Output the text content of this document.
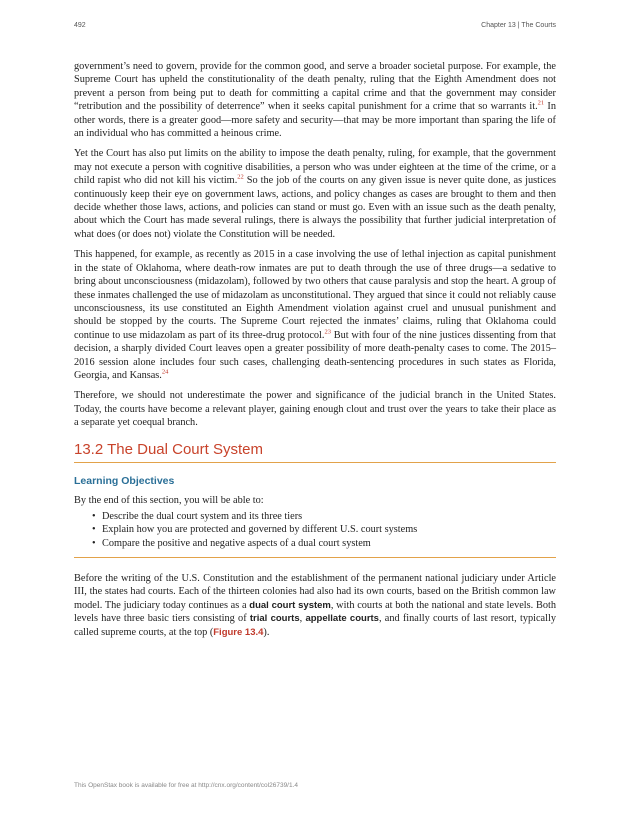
492	Chapter 13 | The Courts

government’s need to govern, provide for the common good, and serve a broader societal purpose. For example, the Supreme Court has upheld the constitutionality of the death penalty, ruling that the Eighth Amendment does not prevent a person from being put to death for committing a capital crime and that the government may consider “retribution and the possibility of deterrence” when it seeks capital punishment for a crime that so warrants it.$^{21}$ In other words, there is a greater good—more safety and security—that may be more important than sparing the life of an individual who has committed a heinous crime.

Yet the Court has also put limits on the ability to impose the death penalty, ruling, for example, that the government may not execute a person with cognitive disabilities, a person who was under eighteen at the time of the crime, or a child rapist who did not kill his victim.$^{22}$ So the job of the courts on any given issue is never quite done, as justices continuously keep their eye on government laws, actions, and policy changes as cases are brought to them and then decide whether those laws, actions, and policies can stand or must go. Even with an issue such as the death penalty, about which the Court has made several rulings, there is always the possibility that further judicial interpretation of what does (or does not) violate the Constitution will be needed.

This happened, for example, as recently as 2015 in a case involving the use of lethal injection as capital punishment in the state of Oklahoma, where death-row inmates are put to death through the use of three drugs—a sedative to bring about unconsciousness (midazolam), followed by two others that cause paralysis and stop the heart. A group of these inmates challenged the use of midazolam as unconstitutional. They argued that since it could not reliably cause unconsciousness, its use constituted an Eighth Amendment violation against cruel and unusual punishment and should be stopped by the courts. The Supreme Court rejected the inmates’ claims, ruling that Oklahoma could continue to use midazolam as part of its three-drug protocol.$^{23}$ But with four of the nine justices dissenting from that decision, a sharply divided Court leaves open a greater possibility of more death-penalty cases to come. The 2015–2016 session alone includes four such cases, challenging death-sentencing procedures in such states as Florida, Georgia, and Kansas.$^{24}$

Therefore, we should not underestimate the power and significance of the judicial branch in the United States. Today, the courts have become a relevant player, gaining enough clout and trust over the years to take their place as a separate yet coequal branch.

13.2 The Dual Court System
Learning Objectives
By the end of this section, you will be able to:
• Describe the dual court system and its three tiers
• Explain how you are protected and governed by different U.S. court systems
• Compare the positive and negative aspects of a dual court system

Before the writing of the U.S. Constitution and the establishment of the permanent national judiciary under Article III, the states had courts. Each of the thirteen colonies had also had its own courts, based on the British common law model. The judiciary today continues as a dual court system, with courts at both the national and state levels. Both levels have three basic tiers consisting of trial courts, appellate courts, and finally courts of last resort, typically called supreme courts, at the top (Figure 13.4).

This OpenStax book is available for free at http://cnx.org/content/col26739/1.4
